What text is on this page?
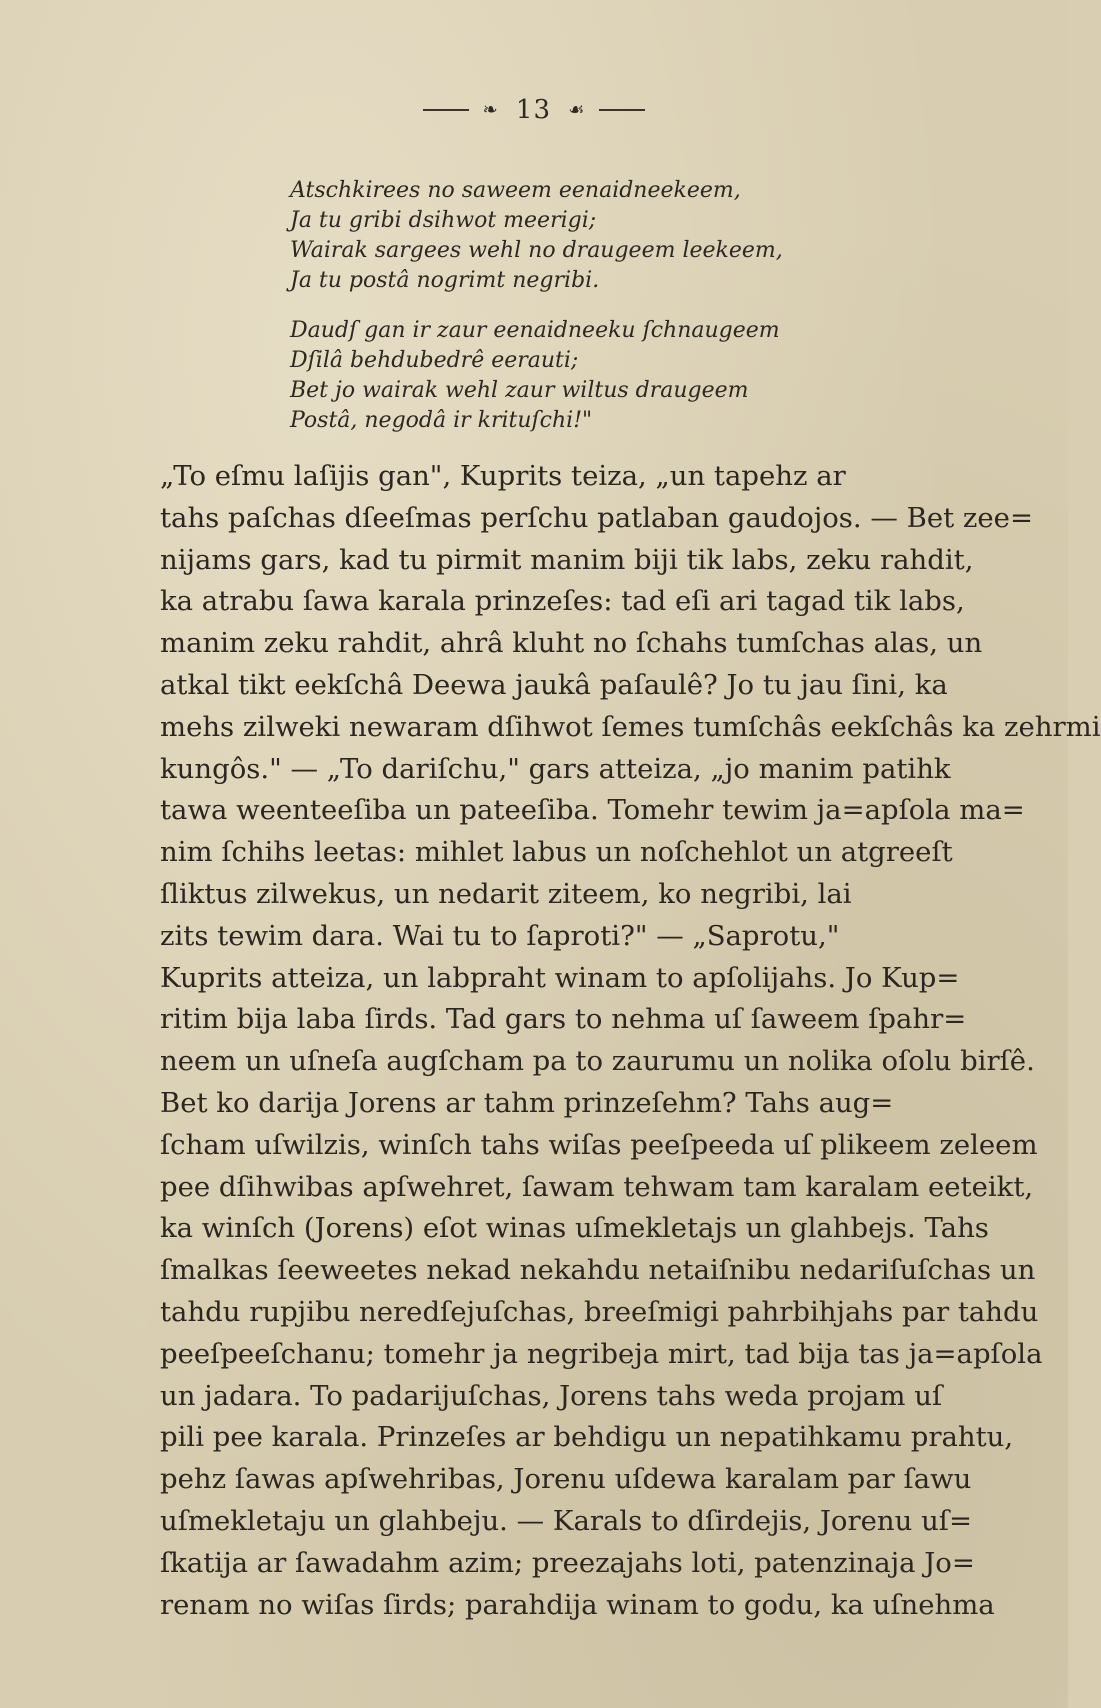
❧ 13 ☙
Atschkirees no saweem eenaidneekeem,
Ja tu gribi dsihwot meerigi;
Wairak sargees wehl no draugeem leekeem,
Ja tu postâ nogrimt negribi.
Daudſ gan ir zaur eenaidneeku ſchnaugeem
Dſilâ behdubedrê eerauti;
Bet jo wairak wehl zaur wiltus draugeem
Postâ, negodâ ir krituſchi!"
„To eſmu laſijis gan", Kuprits teiza, „un tapehz ar
tahs paſchas dſeeſmas perſchu patlaban gaudojos. — Bet zee=
nijams gars, kad tu pirmit manim biji tik labs, zeku rahdit,
ka atrabu ſawa karala prinzeſes: tad eſi ari tagad tik labs,
manim zeku rahdit, ahrâ kluht no ſchahs tumſchas alas, un
atkal tikt eekſchâ Deewa jaukâ paſaulê? Jo tu jau ſini, ka
mehs zilweki newaram dſihwot ſemes tumſchâs eekſchâs ka zehrmi
kungôs." — „To dariſchu," gars atteiza, „jo manim patihk
tawa weenteeſiba un pateeſiba. Tomehr tewim ja=apſola ma=
nim ſchihs leetas: mihlet labus un noſchehlot un atgreeſt
ſliktus zilwekus, un nedarit ziteem, ko negribi, lai
zits tewim dara. Wai tu to ſaproti?" — „Saprotu,"
Kuprits atteiza, un labpraht winam to apſolijahs. Jo Kup=
ritim bija laba ſirds. Tad gars to nehma uſ ſaweem ſpahr=
neem un uſneſa augſcham pa to zaurumu un nolika oſolu birſê.
Bet ko darija Jorens ar tahm prinzeſehm? Tahs aug=
ſcham uſwilzis, winſch tahs wiſas peeſpeeda uſ plikeem zeleem
pee dſihwibas apſwehret, ſawam tehwam tam karalam eeteikt,
ka winſch (Jorens) eſot winas uſmekletajs un glahbejs. Tahs
ſmalkas ſeeweetes nekad nekahdu netaiſnibu nedariſuſchas un
tahdu rupjibu neredſejuſchas, breeſmigi pahrbihjahs par tahdu
peeſpeeſchanu; tomehr ja negribeja mirt, tad bija tas ja=apſola
un jadara. To padarijuſchas, Jorens tahs weda projam uſ
pili pee karala. Prinzeſes ar behdigu un nepatihkamu prahtu,
pehz ſawas apſwehribas, Jorenu uſdewa karalam par ſawu
uſmekletaju un glahbeju. — Karals to dſirdejis, Jorenu uſ=
ſkatija ar ſawadahm azim; preezajahs loti, patenzinaja Jo=
renam no wiſas ſirds; parahdija winam to godu, ka uſnehma
